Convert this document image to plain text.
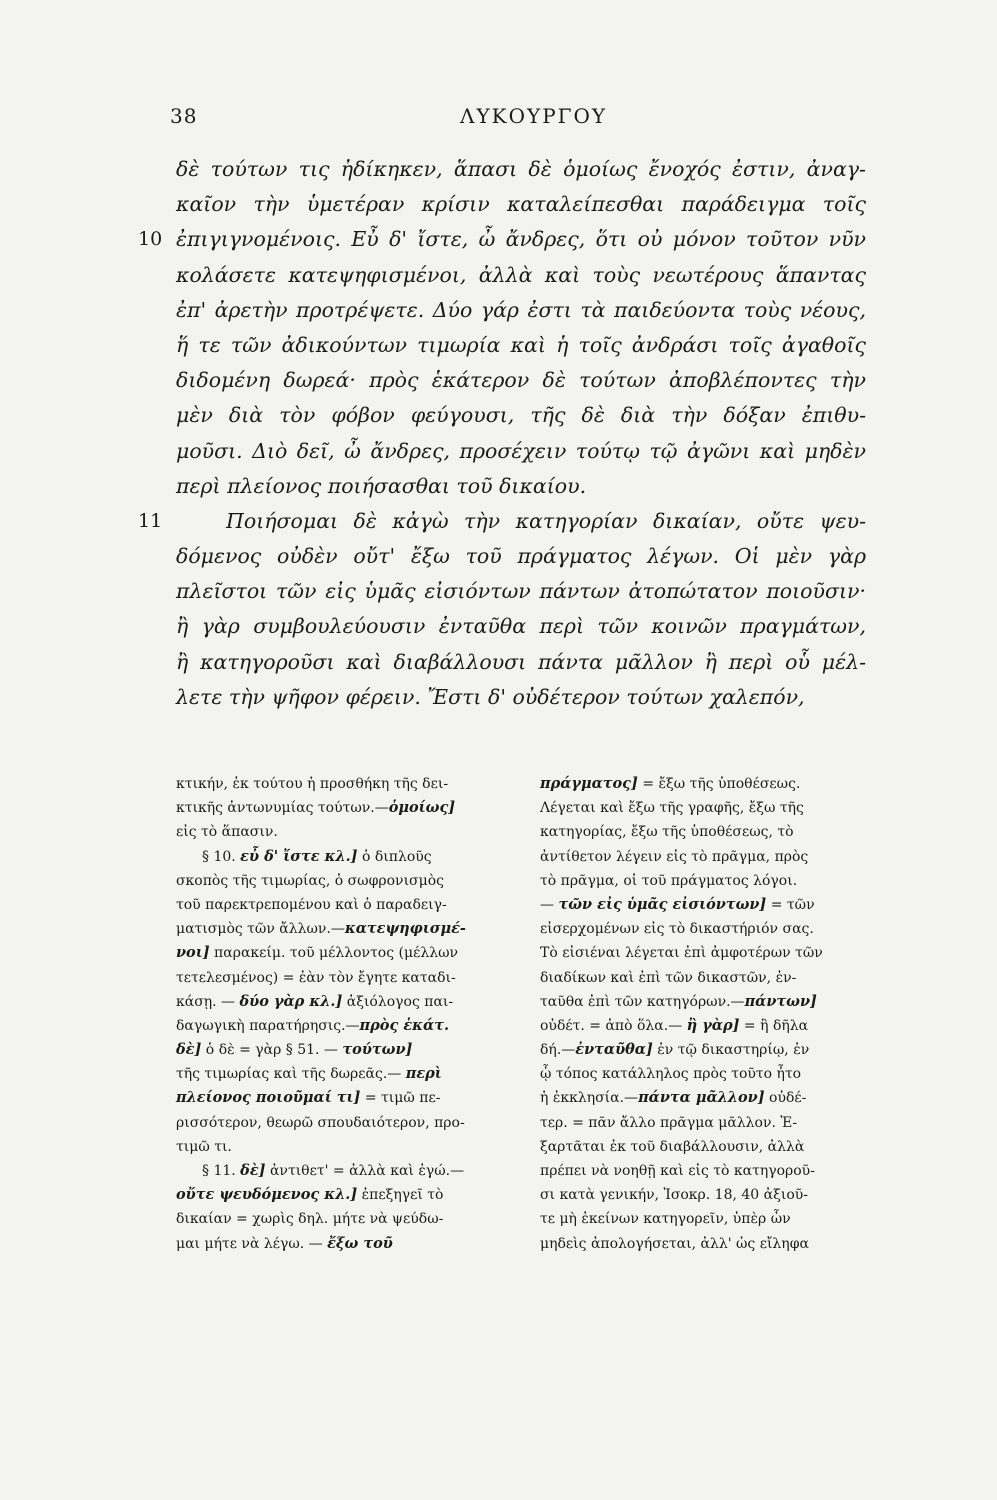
38	ΛΥΚΟΥΡΓΟΥ
δὲ τούτων τις ἠδίκηκεν, ἅπασι δὲ ὁμοίως ἔνοχός ἐστιν, ἀναγ-
καῖον τὴν ὑμετέραν κρίσιν καταλείπεσθαι παράδειγμα τοῖς
10 ἐπιγιγνομένοις. Εὖ δ' ἴστε, ὦ ἄνδρες, ὅτι οὐ μόνον τοῦτον νῦν
κολάσετε κατεψηφισμένοι, ἀλλὰ καὶ τοὺς νεωτέρους ἅπαντας
ἐπ' ἀρετὴν προτρέψετε. Δύο γάρ ἐστι τὰ παιδεύοντα τοὺς νέους,
ἥ τε τῶν ἀδικούντων τιμωρία καὶ ἡ τοῖς ἀνδράσι τοῖς ἀγαθοῖς
διδομένη δωρεά· πρὸς ἑκάτερον δὲ τούτων ἀποβλέποντες τὴν
μὲν διὰ τὸν φόβον φεύγουσι, τῆς δὲ διὰ τὴν δόξαν ἐπιθυ-
μοῦσι. Διὸ δεῖ, ὦ ἄνδρες, προσέχειν τούτῳ τῷ ἀγῶνι καὶ μηδὲν
περὶ πλείονος ποιήσασθαι τοῦ δικαίου.
11	Ποιήσομαι δὲ κἀγὼ τὴν κατηγορίαν δικαίαν, οὔτε ψευ-
δόμενος οὐδὲν οὔτ' ἔξω τοῦ πράγματος λέγων. Οἱ μὲν γὰρ
πλεῖστοι τῶν εἰς ὑμᾶς εἰσιόντων πάντων ἀτοπώτατον ποιοῦσιν·
ἢ γὰρ συμβουλεύουσιν ἐνταῦθα περὶ τῶν κοινῶν πραγμάτων,
ἢ κατηγοροῦσι καὶ διαβάλλουσι πάντα μᾶλλον ἢ περὶ οὗ μέλ-
λετε τὴν ψῆφον φέρειν. Ἔστι δ' οὐδέτερον τούτων χαλεπόν,
κτικήν, ἐκ τούτου ἡ προσθήκη τῆς δει-
κτικῆς ἀντωνυμίας τούτων.—ὁμοίως]
εἰς τὸ ἅπασιν.
§ 10. εὖ δ' ἴστε κλ.] ὁ διπλοῦς
σκοπὸς τῆς τιμωρίας, ὁ σωφρονισμὸς
τοῦ παρεκτρεπομένου καὶ ὁ παραδειγ-
ματισμὸς τῶν ἄλλων.—κατεψηφισμέ-
νοι] παρακείμ. τοῦ μέλλοντος (μέλλων
τετελεσμένος) = ἐὰν τὸν ἔγητε καταδι-
κάσῃ. — δύο γὰρ κλ.] ἀξιόλογος παι-
δαγωγικὴ παρατήρησις.—πρὸς ἑκάτ.
δὲ] ὁ δὲ = γὰρ § 51. — τούτων]
τῆς τιμωρίας καὶ τῆς δωρεᾶς.— περὶ
πλείονος ποιοῦμαί τι] = τιμῶ πε-
ρισσότερον, θεωρῶ σπουδαιότερον, προ-
τιμῶ τι.
§ 11. δὲ] ἀντιθετ' = ἀλλὰ καὶ ἐγώ.—
οὔτε ψευδόμενος κλ.] ἐπεξηγεῖ τὸ
δικαίαν = χωρὶς δηλ. μήτε νὰ ψεύδω-
μαι μήτε νὰ λέγω. — ἔξω τοῦ
πράγματος] = ἔξω τῆς ὑποθέσεως.
Λέγεται καὶ ἔξω τῆς γραφῆς, ἔξω τῆς
κατηγορίας, ἔξω τῆς ὑποθέσεως, τὸ
ἀντίθετον λέγειν εἰς τὸ πρᾶγμα, πρὸς
τὸ πρᾶγμα, οἱ τοῦ πράγματος λόγοι.
— τῶν εἰς ὑμᾶς εἰσιόντων] = τῶν
εἰσερχομένων εἰς τὸ δικαστήριόν σας.
Τὸ εἰσιέναι λέγεται ἐπὶ ἀμφοτέρων τῶν
διαδίκων καὶ ἐπὶ τῶν δικαστῶν, ἐν-
ταῦθα ἐπὶ τῶν κατηγόρων.—πάντων]
οὐδέτ. = ἀπὸ ὅλα.— ἢ γὰρ] = ἢ δῆλα
δή.—ἐνταῦθα] ἐν τῷ δικαστηρίῳ, ἐν
ᾧ τόπος κατάλληλος πρὸς τοῦτο ἦτο
ἡ ἐκκλησία.—πάντα μᾶλλον] οὐδέ-
τερ. = πᾶν ἄλλο πρᾶγμα μᾶλλον. Ἐ-
ξαρτᾶται ἐκ τοῦ διαβάλλουσιν, ἀλλὰ
πρέπει νὰ νοηθῇ καὶ εἰς τὸ κατηγοροῦ-
σι κατὰ γενικήν, Ἰσοκρ. 18, 40 ἀξιοῦ-
τε μὴ ἐκείνων κατηγορεῖν, ὑπὲρ ὧν
μηδεὶς ἀπολογήσεται, ἀλλ' ὡς εἴληφα
